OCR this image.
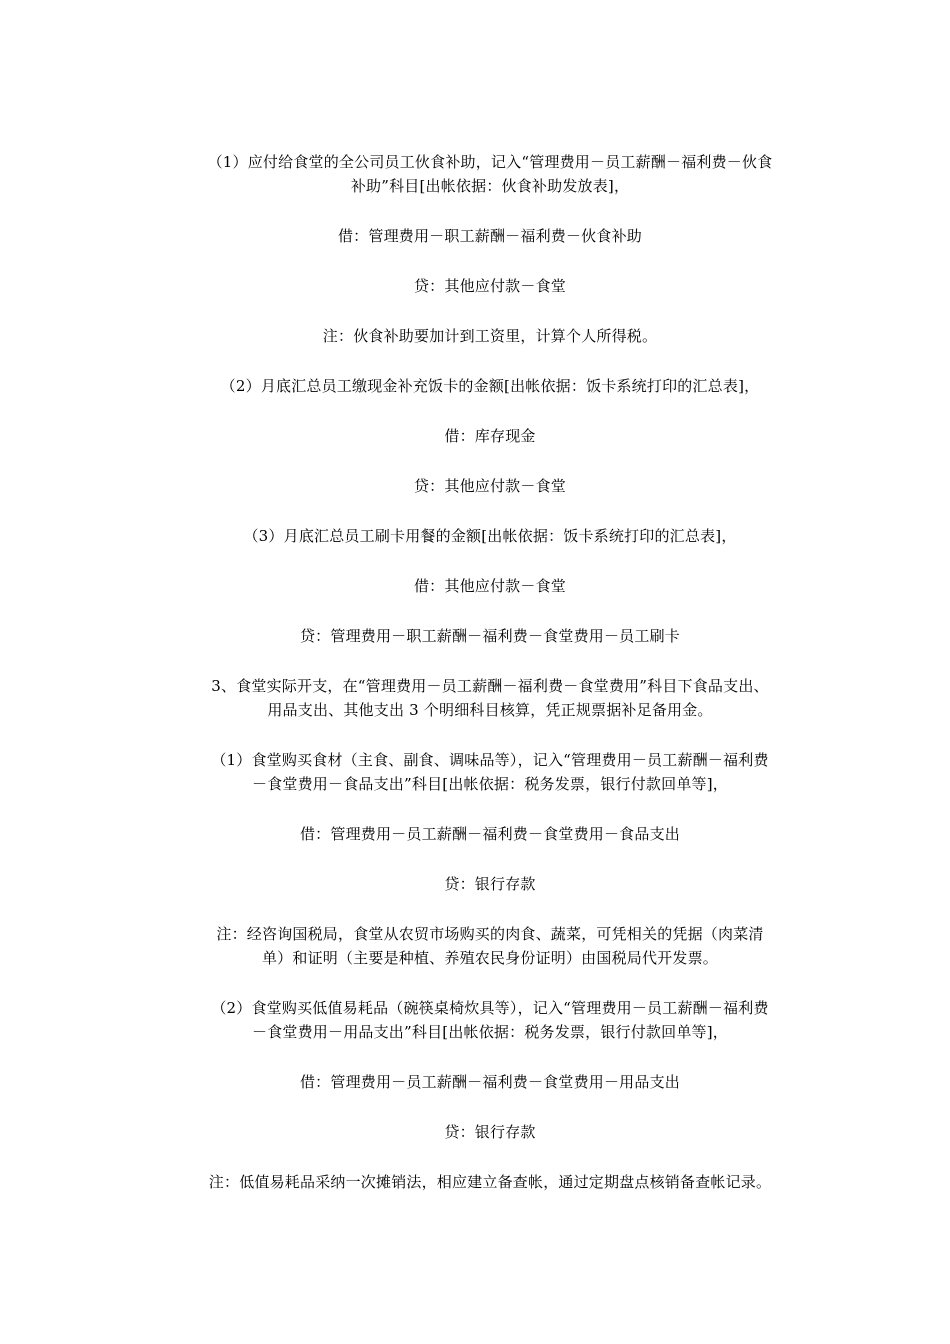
（1）应付给食堂的全公司员工伙食补助，记入“管理费用－员工薪酬－福利费－伙食
补助”科目[出帐依据：伙食补助发放表]，

借：管理费用－职工薪酬－福利费－伙食补助

贷：其他应付款－食堂

注：伙食补助要加计到工资里，计算个人所得税。

（2）月底汇总员工缴现金补充饭卡的金额[出帐依据：饭卡系统打印的汇总表]，

借：库存现金

贷：其他应付款－食堂

（3）月底汇总员工刷卡用餐的金额[出帐依据：饭卡系统打印的汇总表]，

借：其他应付款－食堂

贷：管理费用－职工薪酬－福利费－食堂费用－员工刷卡

3、食堂实际开支，在“管理费用－员工薪酬－福利费－食堂费用”科目下食品支出、
用品支出、其他支出 3 个明细科目核算，凭正规票据补足备用金。

（1）食堂购买食材（主食、副食、调味品等），记入“管理费用－员工薪酬－福利费
－食堂费用－食品支出”科目[出帐依据：税务发票，银行付款回单等]，

借：管理费用－员工薪酬－福利费－食堂费用－食品支出

贷：银行存款

注：经咨询国税局，食堂从农贸市场购买的肉食、蔬菜，可凭相关的凭据（肉菜清
单）和证明（主要是种植、养殖农民身份证明）由国税局代开发票。

（2）食堂购买低值易耗品（碗筷桌椅炊具等），记入“管理费用－员工薪酬－福利费
－食堂费用－用品支出”科目[出帐依据：税务发票，银行付款回单等]，

借：管理费用－员工薪酬－福利费－食堂费用－用品支出

贷：银行存款

注：低值易耗品采纳一次摊销法，相应建立备查帐，通过定期盘点核销备查帐记录。
